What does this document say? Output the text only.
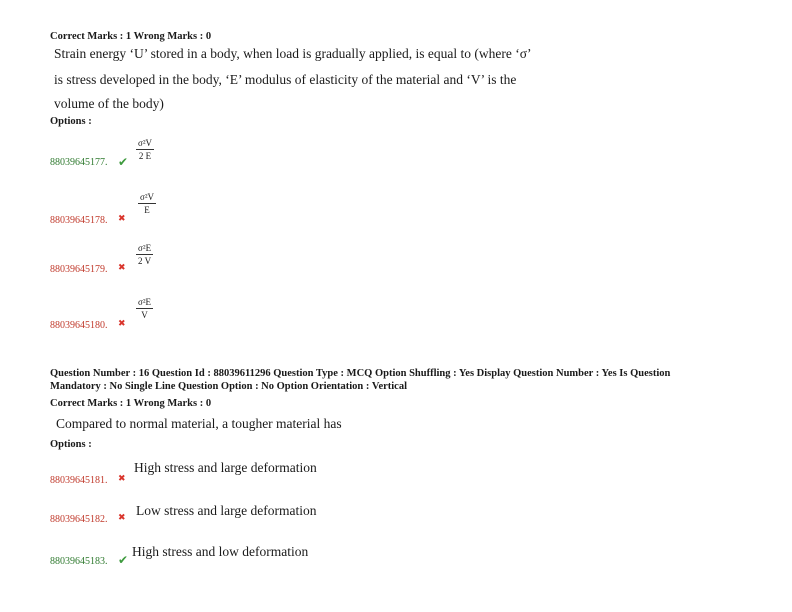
Correct Marks : 1 Wrong Marks : 0
Strain energy ‘U’ stored in a body, when load is gradually applied, is equal to (where ‘σ’
is stress developed in the body, ‘E’ modulus of elasticity of the material and ‘V’ is the
volume of the body)
Options :
σ²V
2 E
88039645177. ✔
σ²V
E
88039645178. ✖
σ²E
2 V
88039645179. ✖
σ²E
V
88039645180. ✖
Question Number : 16 Question Id : 88039611296 Question Type : MCQ Option Shuffling : Yes Display Question Number : Yes Is Question
Mandatory : No Single Line Question Option : No Option Orientation : Vertical
Correct Marks : 1 Wrong Marks : 0
Compared to normal material, a tougher material has
Options :
High stress and large deformation
88039645181. ✖
Low stress and large deformation
88039645182. ✖
High stress and low deformation
88039645183. ✔
